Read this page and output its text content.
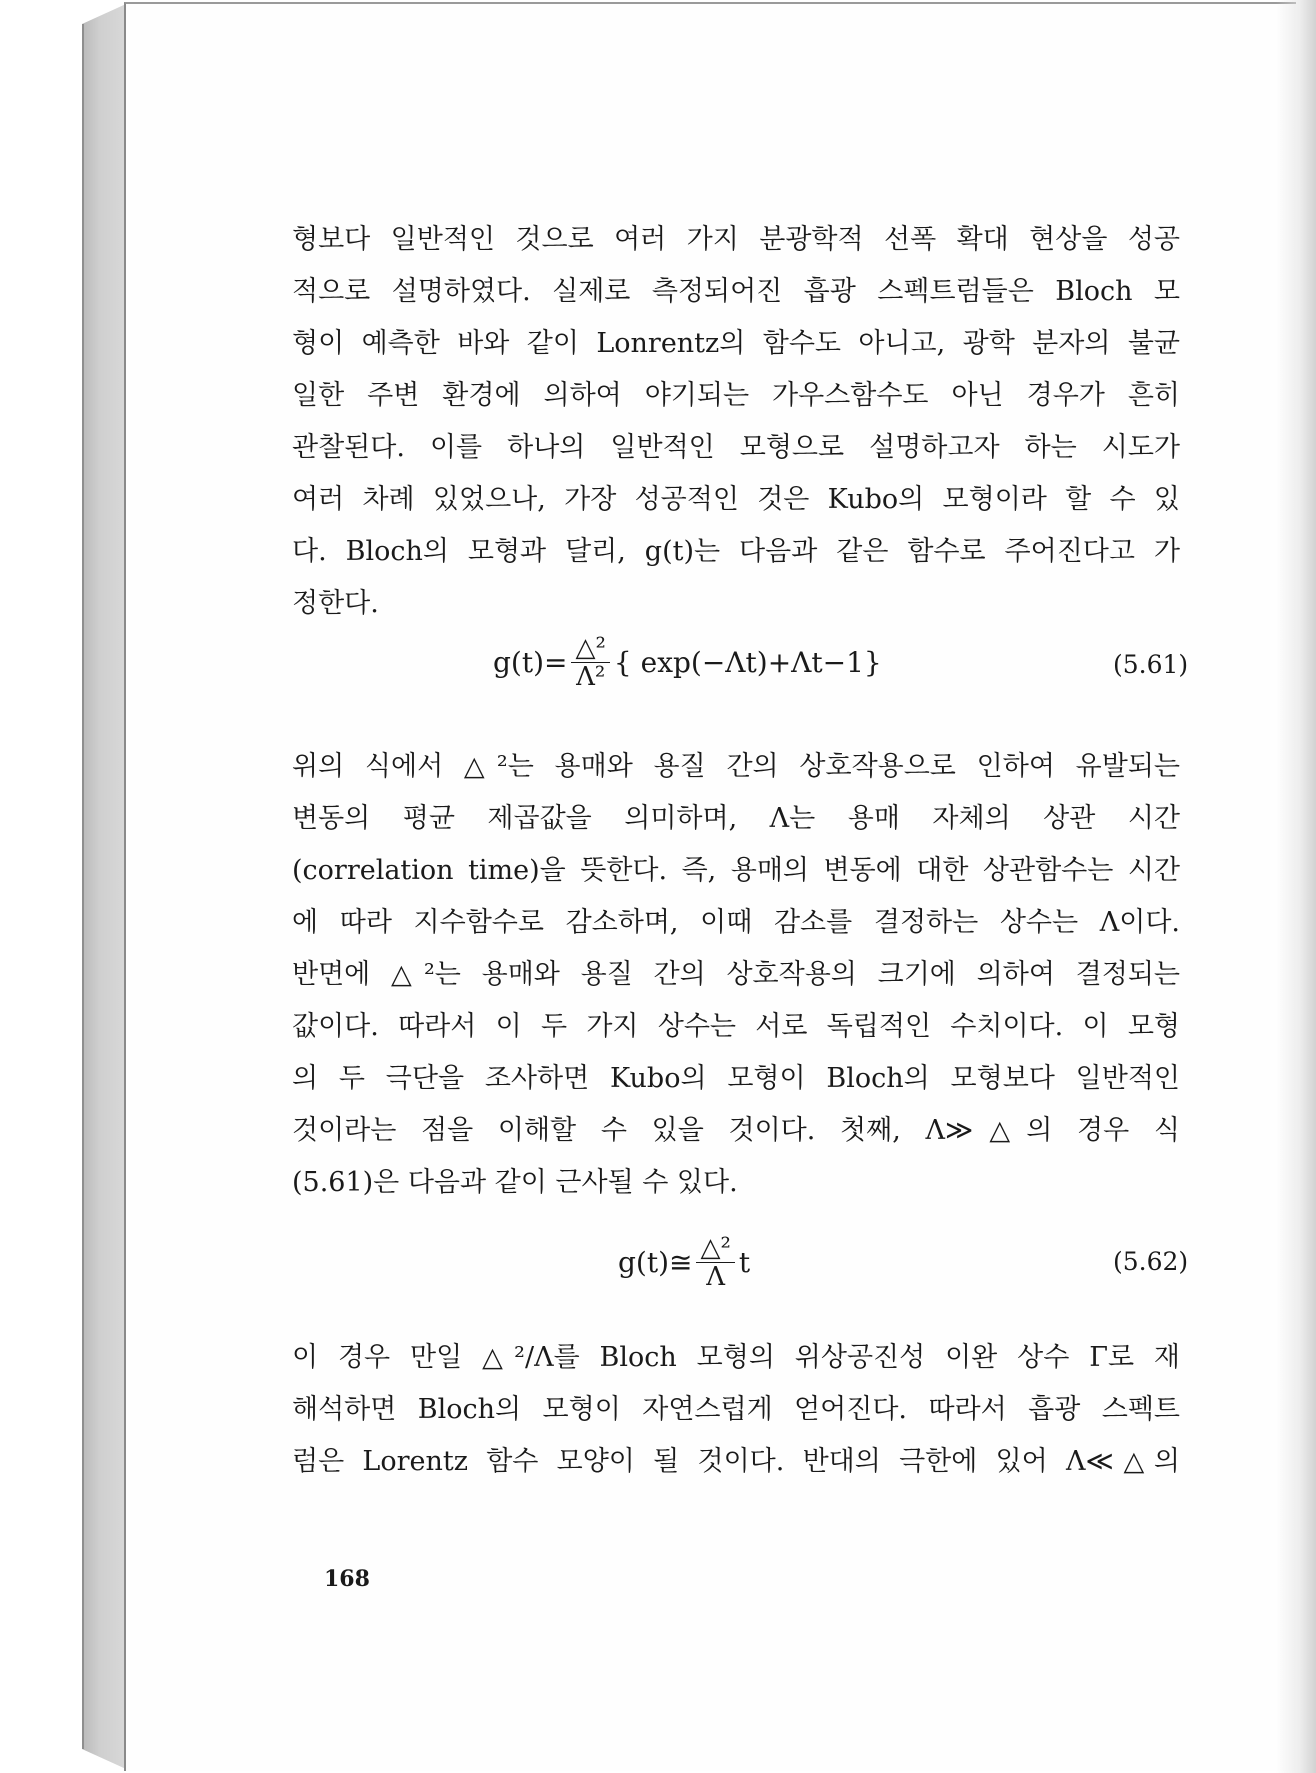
형보다 일반적인 것으로 여러 가지 분광학적 선폭 확대 현상을 성공
적으로 설명하였다. 실제로 측정되어진 흡광 스펙트럼들은 Bloch 모
형이 예측한 바와 같이 Lonrentz의 함수도 아니고, 광학 분자의 불균
일한 주변 환경에 의하여 야기되는 가우스함수도 아닌 경우가 흔히
관찰된다. 이를 하나의 일반적인 모형으로 설명하고자 하는 시도가
여러 차례 있었으나, 가장 성공적인 것은 Kubo의 모형이라 할 수 있
다. Bloch의 모형과 달리, g(t)는 다음과 같은 함수로 주어진다고 가
정한다.
$g(t)= \frac{\text{△²}}{\text{Λ²}}$ { exp(−Λt)+Λt−1}	(5.61)
위의 식에서 △²는 용매와 용질 간의 상호작용으로 인하여 유발되는
변동의 평균 제곱값을 의미하며, Λ는 용매 자체의 상관 시간
(correlation time)을 뜻한다. 즉, 용매의 변동에 대한 상관함수는 시간
에 따라 지수함수로 감소하며, 이때 감소를 결정하는 상수는 Λ이다.
반면에 △²는 용매와 용질 간의 상호작용의 크기에 의하여 결정되는
값이다. 따라서 이 두 가지 상수는 서로 독립적인 수치이다. 이 모형
의 두 극단을 조사하면 Kubo의 모형이 Bloch의 모형보다 일반적인
것이라는 점을 이해할 수 있을 것이다. 첫째, Λ≫△의 경우 식
(5.61)은 다음과 같이 근사될 수 있다.
g(t)≅ $\frac{\text{△²}}{\Lambda}$ t	(5.62)
이 경우 만일 △²/Λ를 Bloch 모형의 위상공진성 이완 상수 Γ로 재
해석하면 Bloch의 모형이 자연스럽게 얻어진다. 따라서 흡광 스펙트
럼은 Lorentz 함수 모양이 될 것이다. 반대의 극한에 있어 Λ≪△의
168
